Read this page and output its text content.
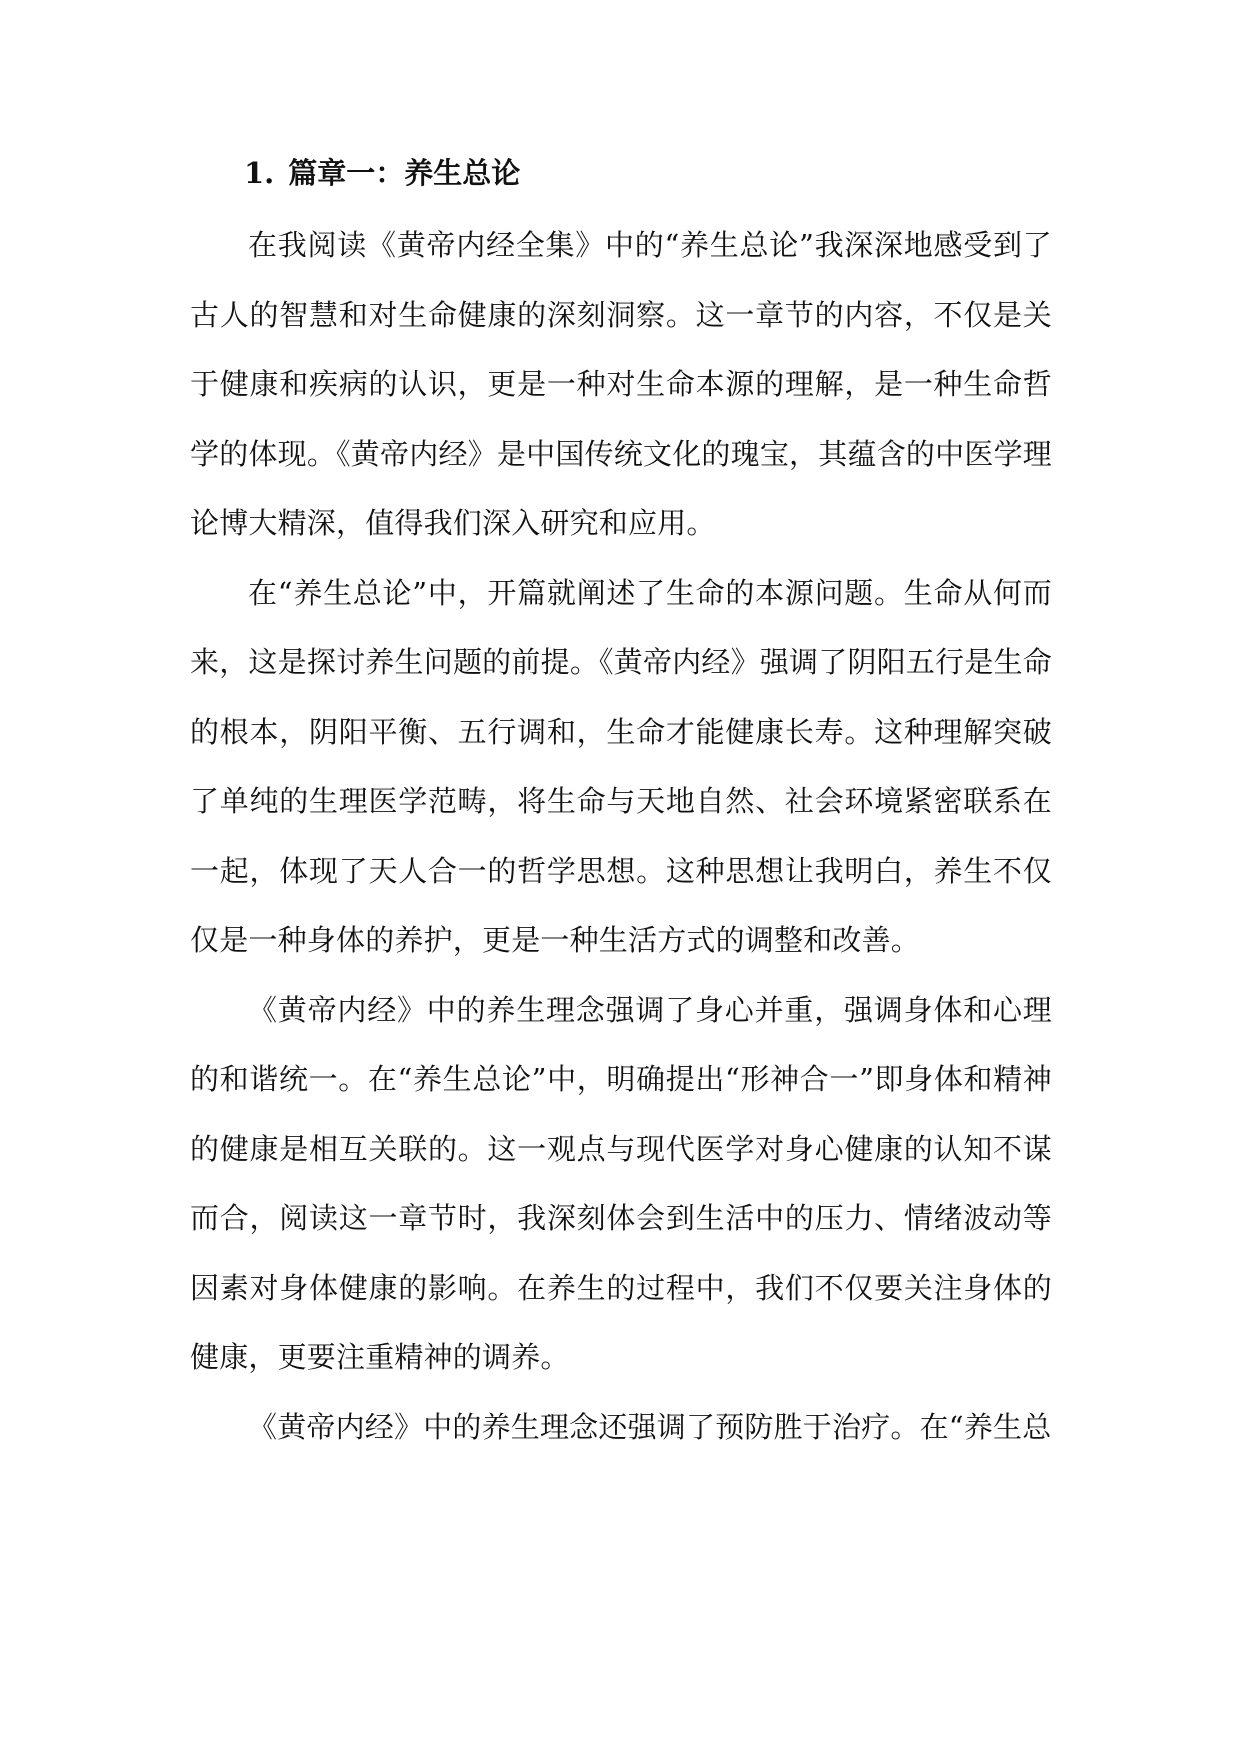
1. 篇章一：养生总论

在我阅读《黄帝内经全集》中的“养生总论”我深深地感受到了古人的智慧和对生命健康的深刻洞察。这一章节的内容，不仅是关于健康和疾病的认识，更是一种对生命本源的理解，是一种生命哲学的体现。《黄帝内经》是中国传统文化的瑰宝，其蕴含的中医学理论博大精深，值得我们深入研究和应用。

在“养生总论”中，开篇就阐述了生命的本源问题。生命从何而来，这是探讨养生问题的前提。《黄帝内经》强调了阴阳五行是生命的根本，阴阳平衡、五行调和，生命才能健康长寿。这种理解突破了单纯的生理医学范畴，将生命与天地自然、社会环境紧密联系在一起，体现了天人合一的哲学思想。这种思想让我明白，养生不仅仅是一种身体的养护，更是一种生活方式的调整和改善。

《黄帝内经》中的养生理念强调了身心并重，强调身体和心理的和谐统一。在“养生总论”中，明确提出“形神合一”即身体和精神的健康是相互关联的。这一观点与现代医学对身心健康的认知不谋而合，阅读这一章节时，我深刻体会到生活中的压力、情绪波动等因素对身体健康的影响。在养生的过程中，我们不仅要关注身体的健康，更要注重精神的调养。

《黄帝内经》中的养生理念还强调了预防胜于治疗。在“养生总
